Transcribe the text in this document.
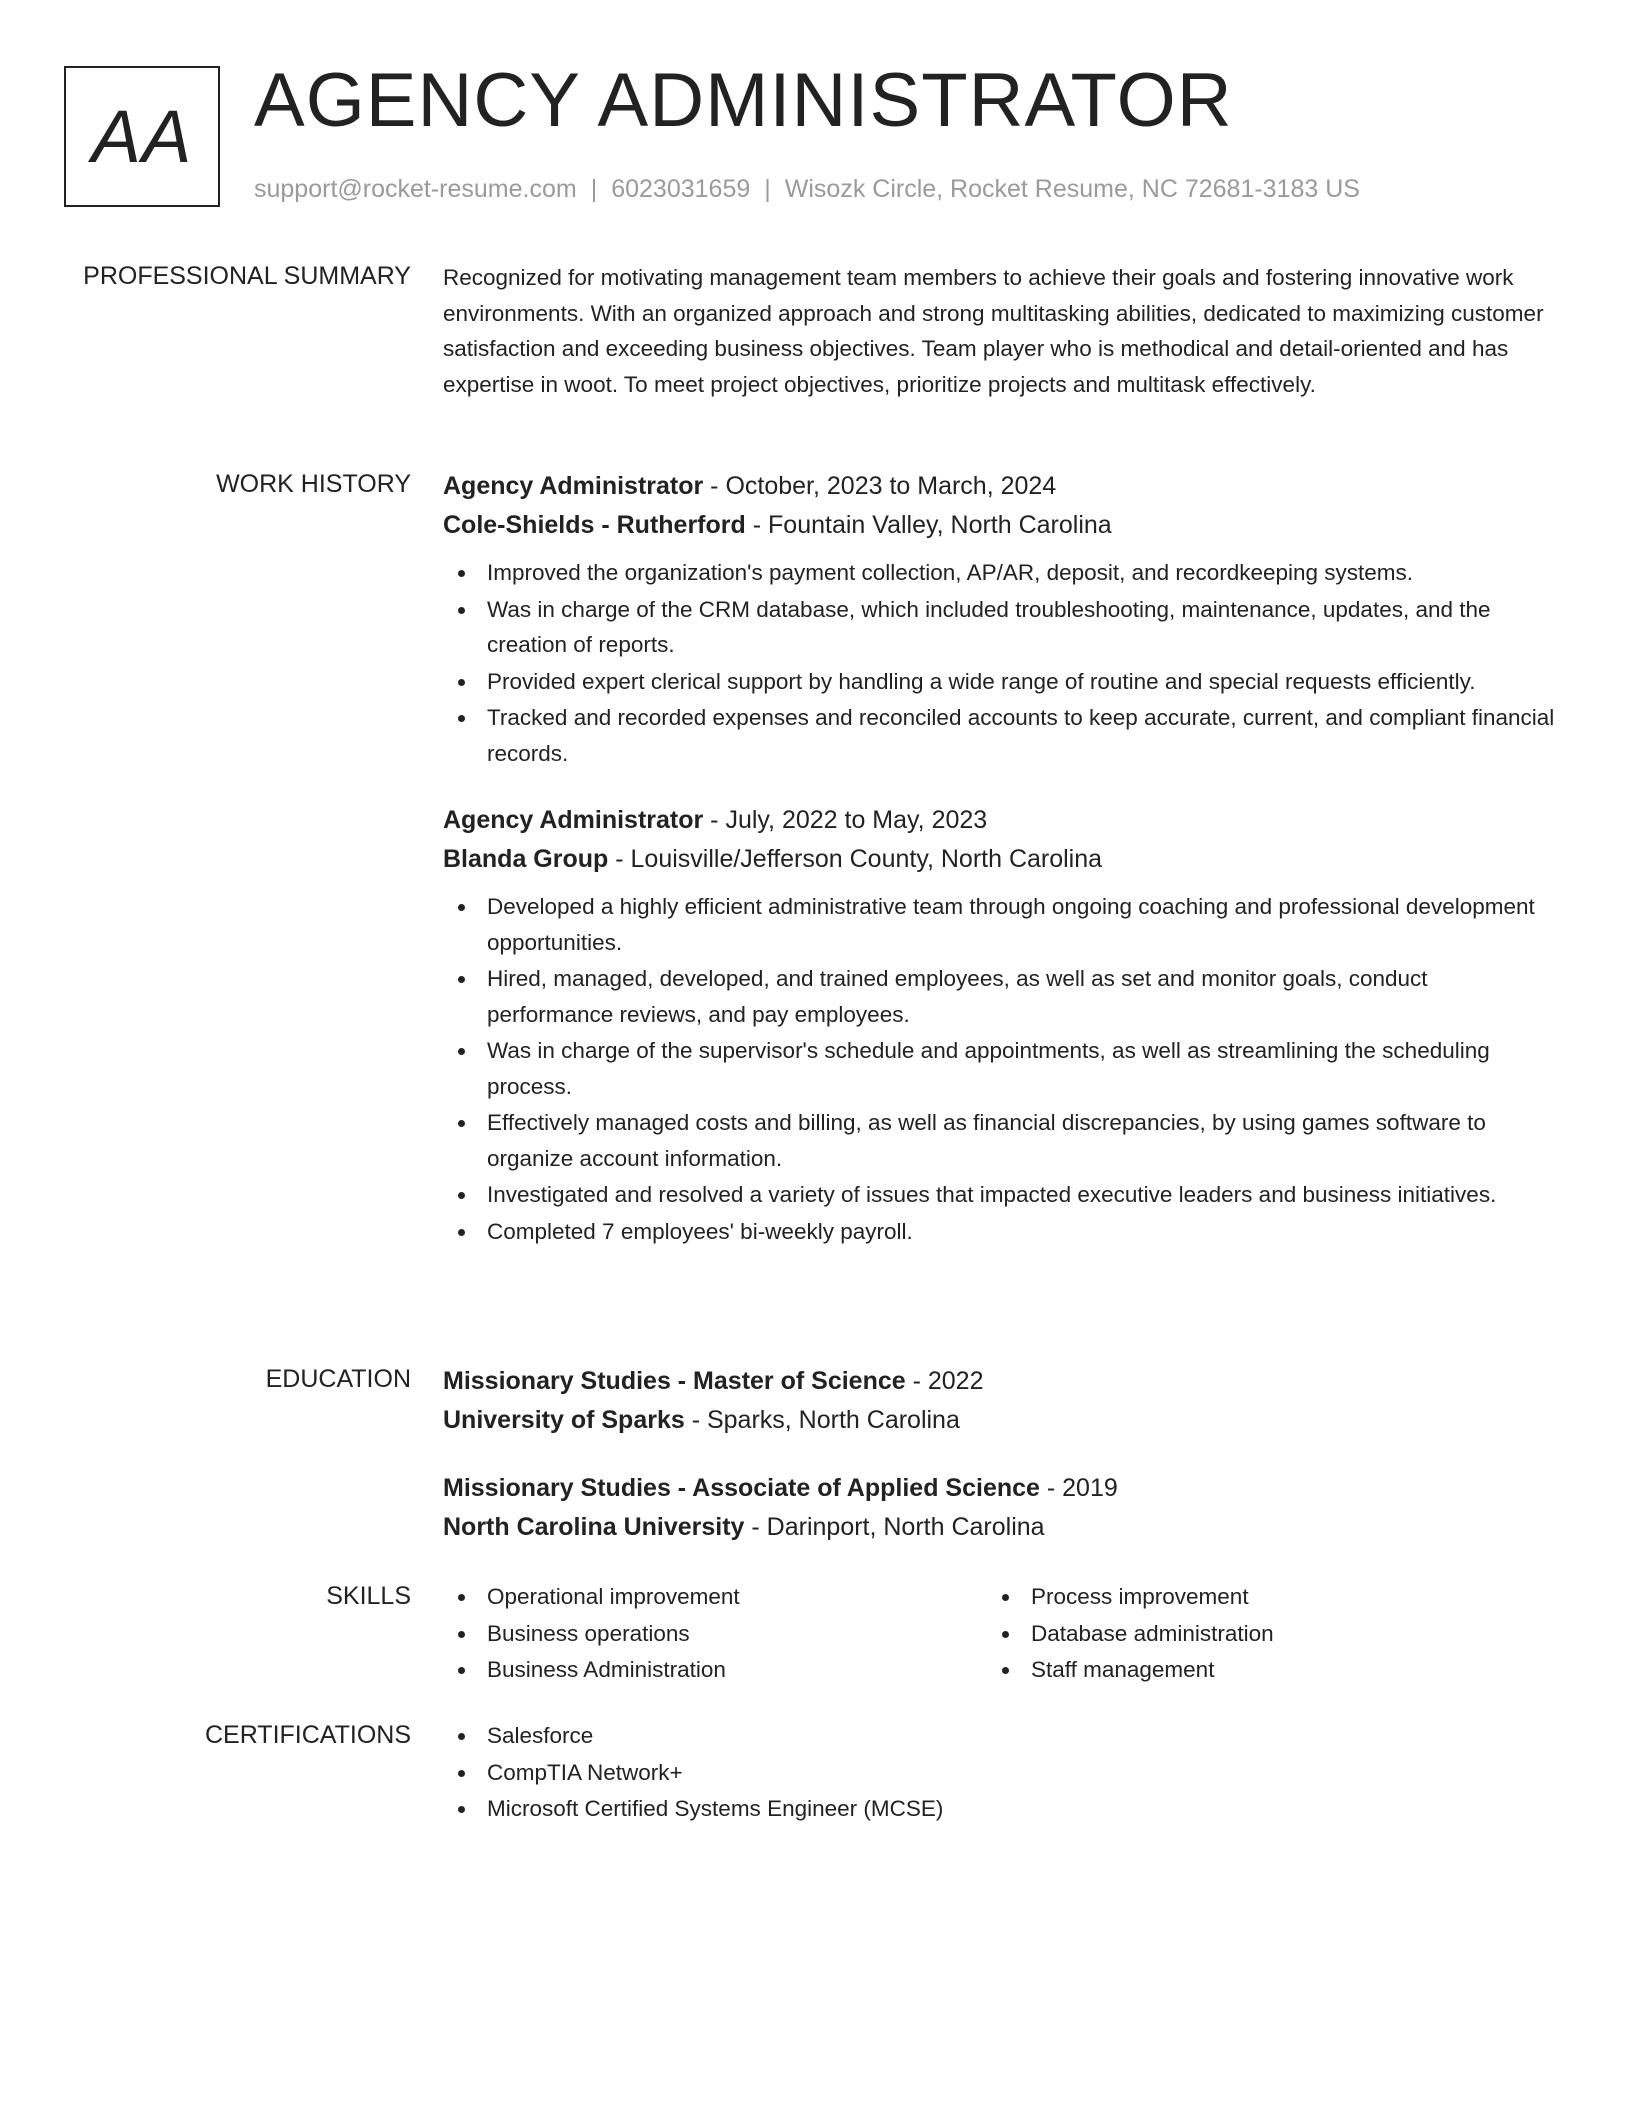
AA AGENCY ADMINISTRATOR
support@rocket-resume.com | 6023031659 | Wisozk Circle, Rocket Resume, NC 72681-3183 US
PROFESSIONAL SUMMARY Recognized for motivating management team members to achieve their goals and fostering innovative work environments. With an organized approach and strong multitasking abilities, dedicated to maximizing customer satisfaction and exceeding business objectives. Team player who is methodical and detail-oriented and has expertise in woot. To meet project objectives, prioritize projects and multitask effectively.
WORK HISTORY Agency Administrator - October, 2023 to March, 2024
Cole-Shields - Rutherford - Fountain Valley, North Carolina
Improved the organization's payment collection, AP/AR, deposit, and recordkeeping systems.
Was in charge of the CRM database, which included troubleshooting, maintenance, updates, and the creation of reports.
Provided expert clerical support by handling a wide range of routine and special requests efficiently.
Tracked and recorded expenses and reconciled accounts to keep accurate, current, and compliant financial records.
Agency Administrator - July, 2022 to May, 2023
Blanda Group - Louisville/Jefferson County, North Carolina
Developed a highly efficient administrative team through ongoing coaching and professional development opportunities.
Hired, managed, developed, and trained employees, as well as set and monitor goals, conduct performance reviews, and pay employees.
Was in charge of the supervisor's schedule and appointments, as well as streamlining the scheduling process.
Effectively managed costs and billing, as well as financial discrepancies, by using games software to organize account information.
Investigated and resolved a variety of issues that impacted executive leaders and business initiatives.
Completed 7 employees' bi-weekly payroll.
EDUCATION Missionary Studies - Master of Science - 2022
University of Sparks - Sparks, North Carolina
Missionary Studies - Associate of Applied Science - 2019
North Carolina University - Darinport, North Carolina
SKILLS	Operational improvement
Business operations
Business Administration
Process improvement
Database administration
Staff management
CERTIFICATIONS	Salesforce
CompTIA Network+
Microsoft Certified Systems Engineer (MCSE)
